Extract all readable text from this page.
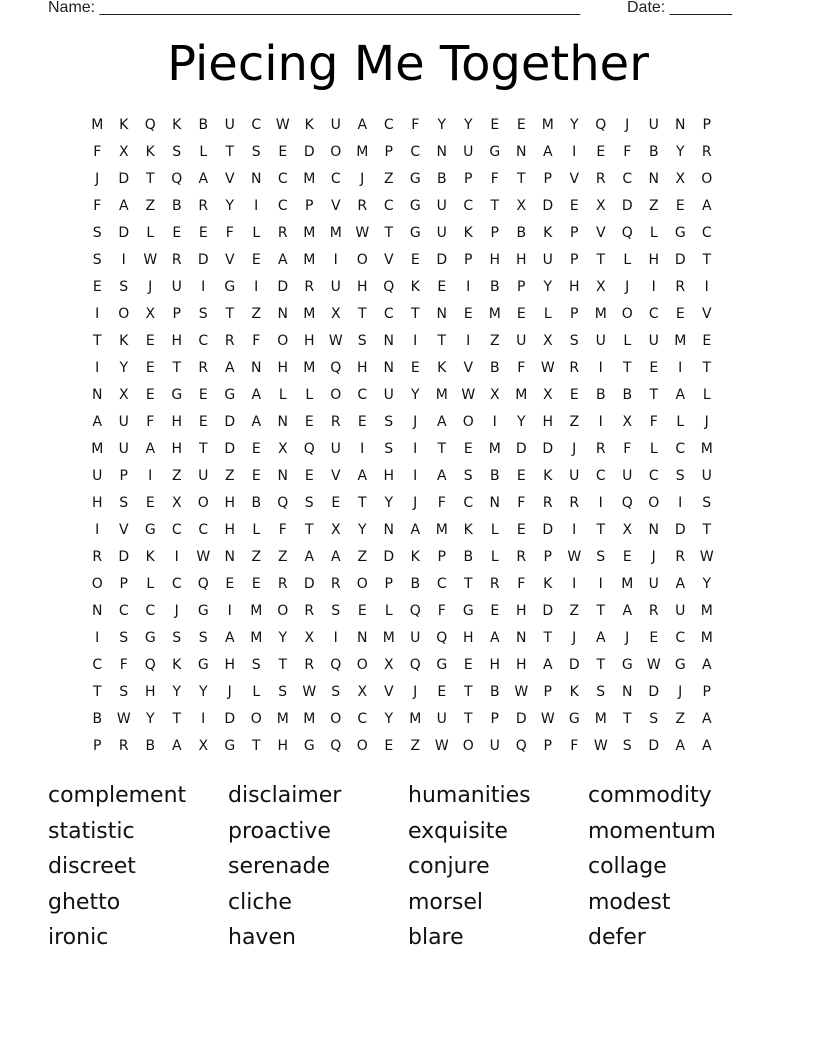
Name: ______________________________________________________	Date: _______
Piecing Me Together
M	K	Q	K	B	U	C	W	K	U	A	C	F	Y	Y	E	E	M	Y	Q	J	U	N	P
F	X	K	S	L	T	S	E	D	O	M	P	C	N	U	G	N	A	I	E	F	B	Y	R
J	D	T	Q	A	V	N	C	M	C	J	Z	G	B	P	F	T	P	V	R	C	N	X	O
F	A	Z	B	R	Y	I	C	P	V	R	C	G	U	C	T	X	D	E	X	D	Z	E	A
S	D	L	E	E	F	L	R	M	M W	T	G	U	K	P	B	K	P	V	Q	L	G	C
S	I	W	R	D	V	E	A	M	I	O	V	E	D	P	H	H	U	P	T	L	H	D	T
E	S	J	U	I	G	I	D	R	U	H	Q	K	E	I	B	P	Y	H	X	J	I	R	I
I	O	X	P	S	T	Z	N	M	X	T	C	T	N	E	M	E	L	P	M	O	C	E	V
T	K	E	H	C	R	F	O	H	W	S	N	I	T	I	Z	U	X	S	U	L	U	M	E
I	Y	E	T	R	A	N	H	M	Q	H	N	E	K	V	B	F	W	R	I	T	E	I	T
N	X	E	G	E	G	A	L	L	O	C	U	Y	M W	X	M	X	E	B	B	T	A	L
A	U	F	H	E	D	A	N	E	R	E	S	J	A	O	I	Y	H	Z	I	X	F	L	J
M	U	A	H	T	D	E	X	Q	U	I	S	I	T	E	M	D	D	J	R	F	L	C	M
U	P	I	Z	U	Z	E	N	E	V	A	H	I	A	S	B	E	K	U	C	U	C	S	U
H	S	E	X	O	H	B	Q	S	E	T	Y	J	F	C	N	F	R	R	I	Q	O	I	S
I	V	G	C	C	H	L	F	T	X	Y	N	A	M	K	L	E	D	I	T	X	N	D	T
R	D	K	I	W	N	Z	Z	A	A	Z	D	K	P	B	L	R	P	W	S	E	J	R	W
O	P	L	C	Q	E	E	R	D	R	O	P	B	C	T	R	F	K	I	I	M	U	A	Y
N	C	C	J	G	I	M	O	R	S	E	L	Q	F	G	E	H	D	Z	T	A	R	U	M
I	S	G	S	S	A	M	Y	X	I	N	M	U	Q	H	A	N	T	J	A	J	E	C	M
C	F	Q	K	G	H	S	T	R	Q	O	X	Q	G	E	H	H	A	D	T	G	W	G	A
T	S	H	Y	Y	J	L	S	W	S	X	V	J	E	T	B	W	P	K	S	N	D	J	P
B	W	Y	T	I	D	O	M	M	O	C	Y	M	U	T	P	D	W	G	M	T	S	Z	A
P	R	B	A	X	G	T	H	G	Q	O	E	Z	W	O	U	Q	P	F	W	S	D	A	A
complement	disclaimer	humanities	commodity
statistic	proactive	exquisite	momentum
discreet	serenade	conjure	collage
ghetto	cliche	morsel	modest
ironic	haven	blare	defer
